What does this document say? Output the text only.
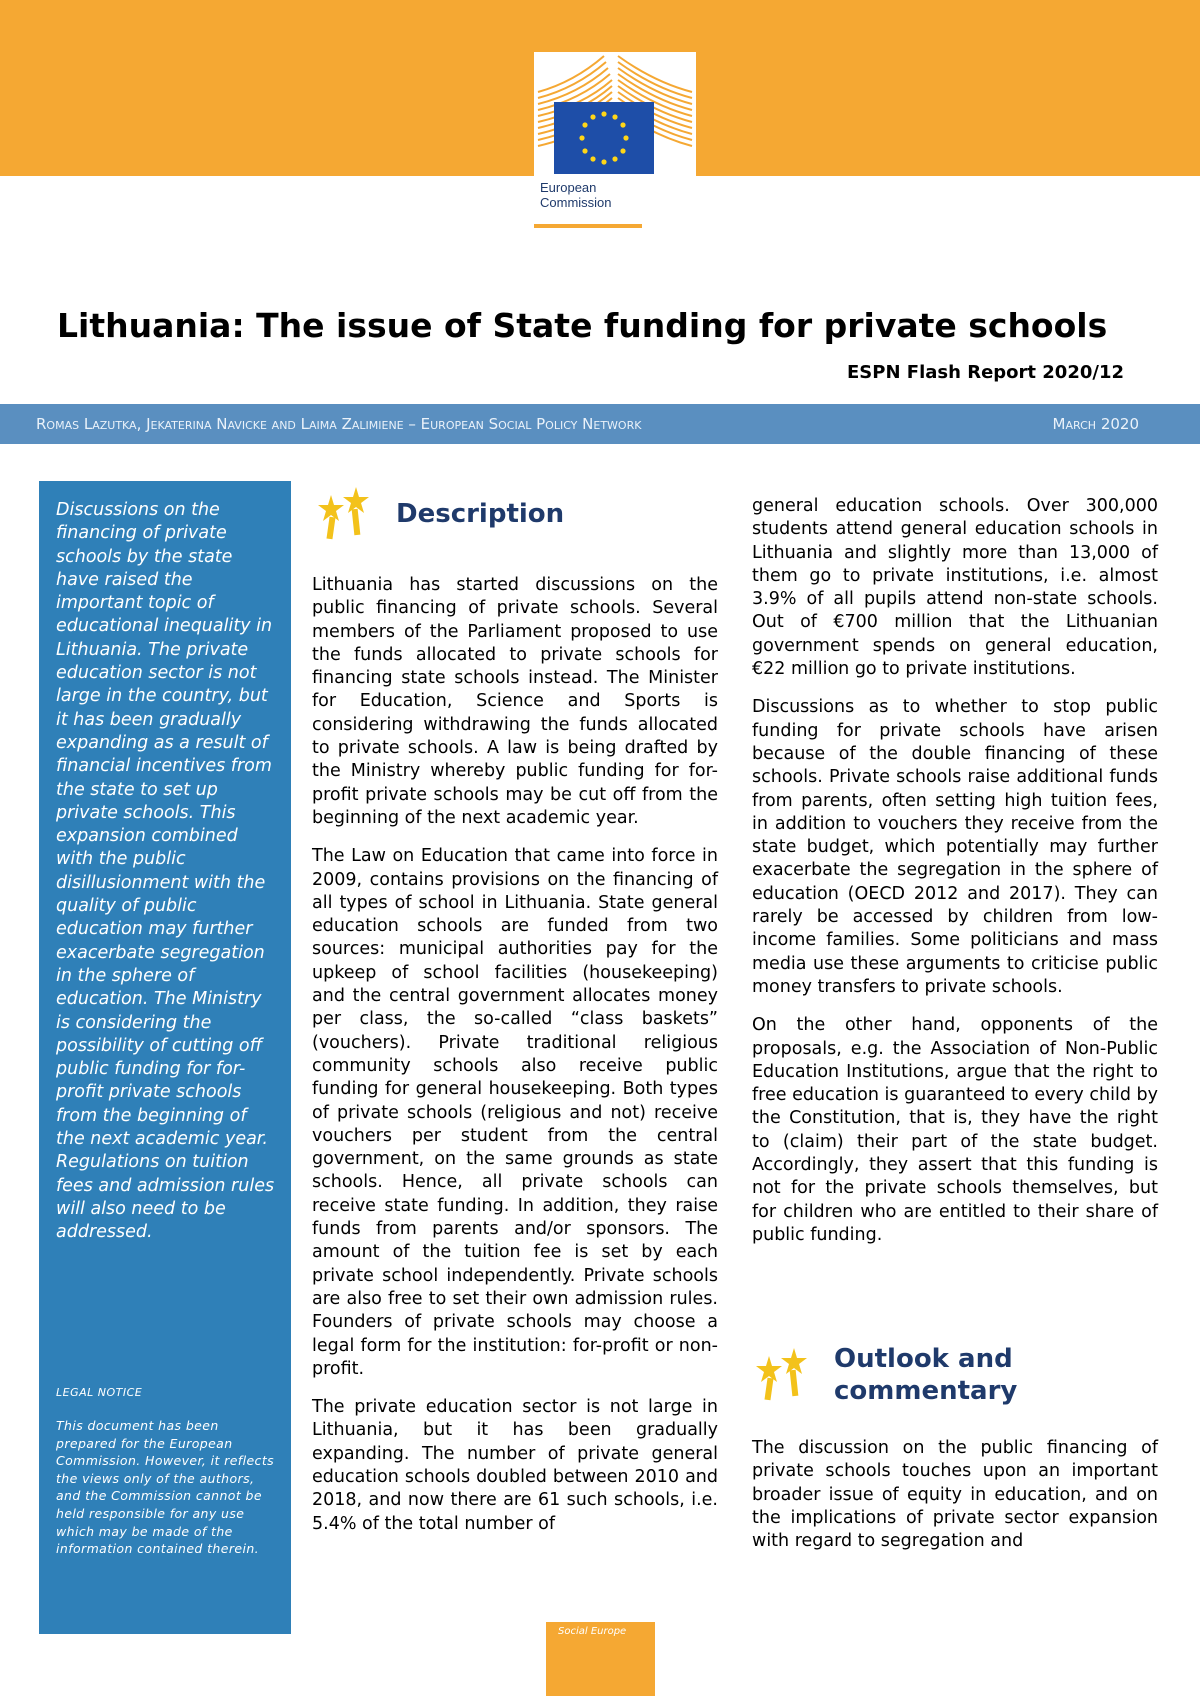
European
Commission
Lithuania: The issue of State funding for private schools
ESPN Flash Report 2020/12
Romas Lazutka, Jekaterina Navicke and Laima Zalimiene – European Social Policy Network	March 2020
Discussions on the financing of private schools by the state have raised the important topic of educational inequality in Lithuania. The private education sector is not large in the country, but it has been gradually expanding as a result of financial incentives from the state to set up private schools. This expansion combined with the public disillusionment with the quality of public education may further exacerbate segregation in the sphere of education. The Ministry is considering the possibility of cutting off public funding for for-profit private schools from the beginning of the next academic year. Regulations on tuition fees and admission rules will also need to be addressed.
LEGAL NOTICE
This document has been prepared for the European Commission. However, it reflects the views only of the authors, and the Commission cannot be held responsible for any use which may be made of the information contained therein.
Description

Lithuania has started discussions on the public financing of private schools. Several members of the Parliament proposed to use the funds allocated to private schools for financing state schools instead. The Minister for Education, Science and Sports is considering withdrawing the funds allocated to private schools. A law is being drafted by the Ministry whereby public funding for for-profit private schools may be cut off from the beginning of the next academic year.

The Law on Education that came into force in 2009, contains provisions on the financing of all types of school in Lithuania. State general education schools are funded from two sources: municipal authorities pay for the upkeep of school facilities (housekeeping) and the central government allocates money per class, the so-called “class baskets” (vouchers). Private traditional religious community schools also receive public funding for general housekeeping. Both types of private schools (religious and not) receive vouchers per student from the central government, on the same grounds as state schools. Hence, all private schools can receive state funding. In addition, they raise funds from parents and/or sponsors. The amount of the tuition fee is set by each private school independently. Private schools are also free to set their own admission rules. Founders of private schools may choose a legal form for the institution: for-profit or non-profit.

The private education sector is not large in Lithuania, but it has been gradually expanding. The number of private general education schools doubled between 2010 and 2018, and now there are 61 such schools, i.e. 5.4% of the total number of

general education schools. Over 300,000 students attend general education schools in Lithuania and slightly more than 13,000 of them go to private institutions, i.e. almost 3.9% of all pupils attend non-state schools. Out of €700 million that the Lithuanian government spends on general education, €22 million go to private institutions.

Discussions as to whether to stop public funding for private schools have arisen because of the double financing of these schools. Private schools raise additional funds from parents, often setting high tuition fees, in addition to vouchers they receive from the state budget, which potentially may further exacerbate the segregation in the sphere of education (OECD 2012 and 2017). They can rarely be accessed by children from low-income families. Some politicians and mass media use these arguments to criticise public money transfers to private schools.

On the other hand, opponents of the proposals, e.g. the Association of Non-Public Education Institutions, argue that the right to free education is guaranteed to every child by the Constitution, that is, they have the right to (claim) their part of the state budget. Accordingly, they assert that this funding is not for the private schools themselves, but for children who are entitled to their share of public funding.

Outlook and commentary

The discussion on the public financing of private schools touches upon an important broader issue of equity in education, and on the implications of private sector expansion with regard to segregation and

Social Europe
